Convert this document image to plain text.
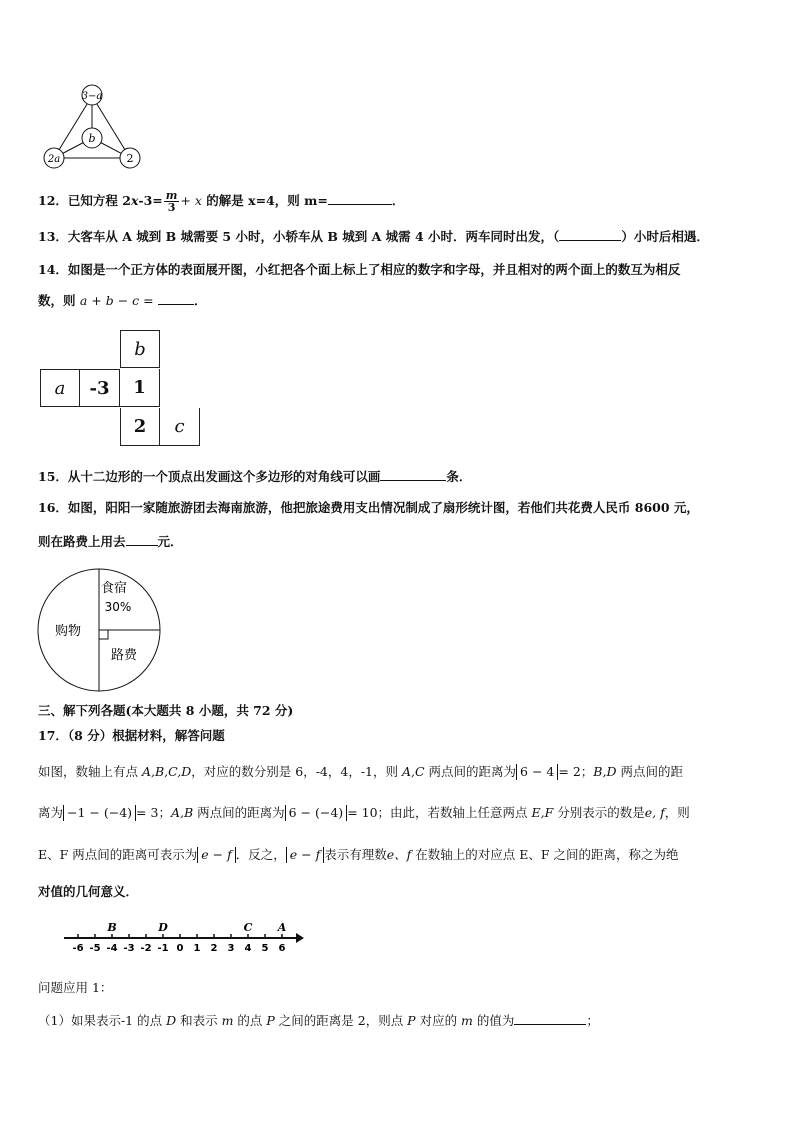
3−a
b
2a	2
12．已知方程 $2x-3= \frac{m}{3} + x$ 的解是 x=4，则 m=	．
13．大客车从 A 城到 B 城需要 5 小时，小轿车从 B 城到 A 城需 4 小时．两车同时出发，（	）小时后相遇．
14．如图是一个正方体的表面展开图，小红把各个面上标上了相应的数字和字母，并且相对的两个面上的数互为相反
数，则 a + b − c =	．
b
a	-3	1
2	c
15．从十二边形的一个顶点出发画这个多边形的对角线可以画	条．
16．如图，阳阳一家随旅游团去海南旅游，他把旅途费用支出情况制成了扇形统计图，若他们共花费人民币 8600 元，
则在路费上用去	元．
食宿
30%
购物
路费
三、解下列各题(本大题共 8 小题，共 72 分)
17．（8 分）根据材料，解答问题
如图，数轴上有点 A,B,C,D，对应的数分别是 6，-4，4，-1，则 A,C 两点间的距离为 6 − 4 = 2；B,D 两点间的距
离为 −1 − (−4) = 3；A,B 两点间的距离为 6 − (−4) = 10；由此，若数轴上任意两点 E,F 分别表示的数是e, f，则
E、F 两点间的距离可表示为 e − f ．反之， e − f 表示有理数e、f 在数轴上的对应点 E、F 之间的距离，称之为绝
对值的几何意义．
-6 -5 -4 -3 -2 -1 0 1 2 3 4 5 6
B	D	C A
问题应用 1：
（1）如果表示-1 的点 D 和表示 m 的点 P 之间的距离是 2，则点 P 对应的 m 的值为	；
